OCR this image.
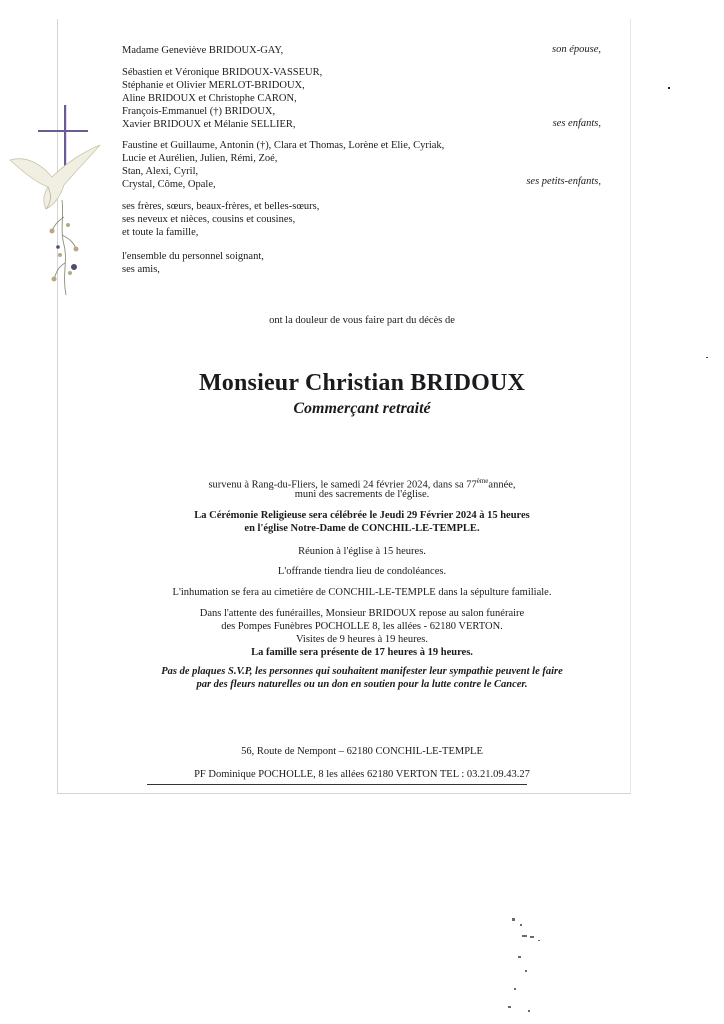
Madame Geneviève BRIDOUX-GAY,	son épouse,
Sébastien et Véronique BRIDOUX-VASSEUR,
Stéphanie et Olivier MERLOT-BRIDOUX,
Aline BRIDOUX et Christophe CARON,
François-Emmanuel (†) BRIDOUX,
Xavier BRIDOUX et Mélanie SELLIER,	ses enfants,
Faustine et Guillaume, Antonin (†), Clara et Thomas, Lorène et Elie, Cyriak,
Lucie et Aurélien, Julien, Rémi, Zoé,
Stan, Alexi, Cyril,
Crystal, Côme, Opale,	ses petits-enfants,
ses frères, sœurs, beaux-frères, et belles-sœurs,
ses neveux et nièces, cousins et cousines,
et toute la famille,
l'ensemble du personnel soignant,
ses amis,
ont la douleur de vous faire part du décès de
Monsieur Christian BRIDOUX
Commerçant retraité
survenu à Rang-du-Fliers, le samedi 24 février 2024, dans sa 77èmeannée,
muni des sacrements de l'église.
La Cérémonie Religieuse sera célébrée le Jeudi 29 Février 2024 à 15 heures
en l'église Notre-Dame de CONCHIL-LE-TEMPLE.
Réunion à l'église à 15 heures.
L'offrande tiendra lieu de condoléances.
L'inhumation se fera au cimetière de CONCHIL-LE-TEMPLE dans la sépulture familiale.
Dans l'attente des funérailles, Monsieur BRIDOUX repose au salon funéraire
des Pompes Funèbres POCHOLLE 8, les allées - 62180 VERTON.
Visites de 9 heures à 19 heures.
La famille sera présente de 17 heures à 19 heures.
Pas de plaques S.V.P, les personnes qui souhaitent manifester leur sympathie peuvent le faire
par des fleurs naturelles ou un don en soutien pour la lutte contre le Cancer.
56, Route de Nempont – 62180 CONCHIL-LE-TEMPLE
PF Dominique POCHOLLE, 8 les allées 62180 VERTON TEL : 03.21.09.43.27
